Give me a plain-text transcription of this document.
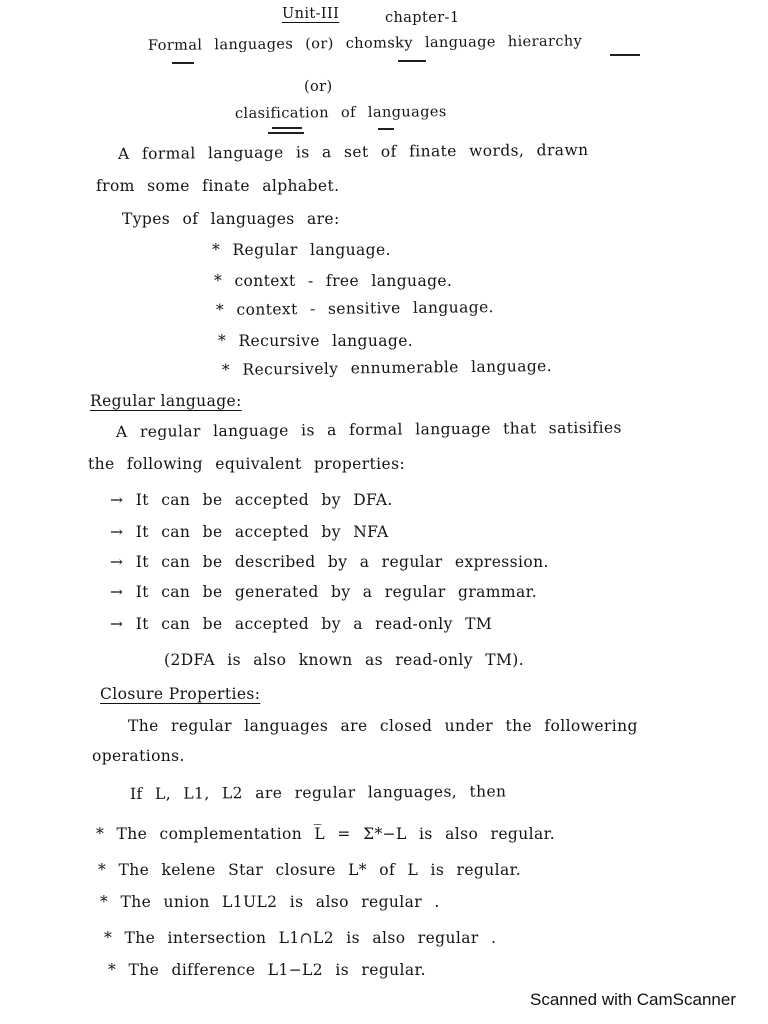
Unit-III	chapter-1
Formal languages (or) chomsky language hierarchy
(or)
clasification of languages
A formal language is a set of finate words, drawn
from some finate alphabet.
Types of languages are:
* Regular language.
* context - free language.
* context - sensitive language.
* Recursive language.
* Recursively ennumerable language.
Regular language:
A regular language is a formal language that satisifies
the following equivalent properties:
→ It can be accepted by DFA.
→ It can be accepted by NFA
→ It can be described by a regular expression.
→ It can be generated by a regular grammar.
→ It can be accepted by a read-only TM
(2DFA is also known as read-only TM).
Closure Properties:
The regular languages are closed under the followering
operations.
If L, L1, L2 are regular languages, then
* The complementation L̅ = Σ*−L is also regular.
* The kelene Star closure L* of L is regular.
* The union L1UL2 is also regular .
* The intersection L1∩L2 is also regular .
* The difference L1−L2 is regular.
Scanned with CamScanner
